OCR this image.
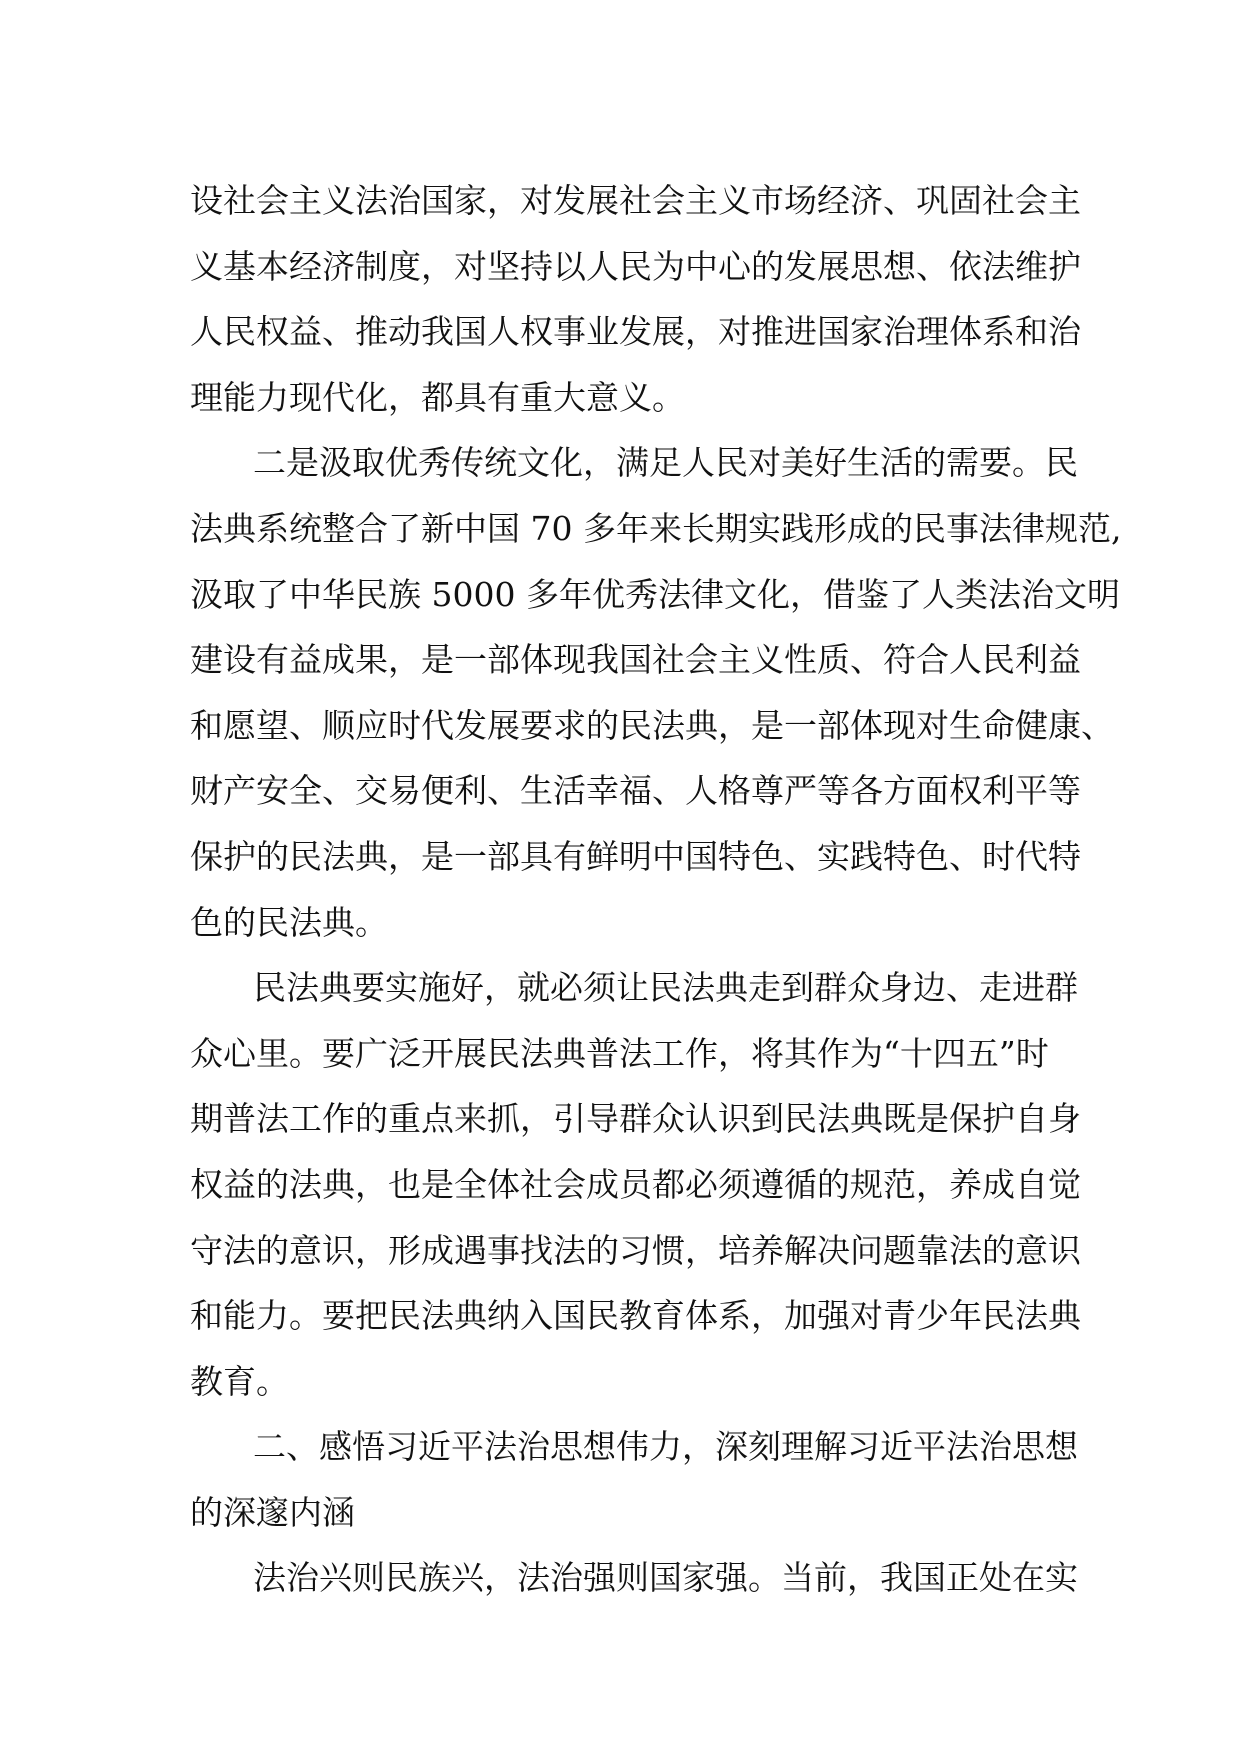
设社会主义法治国家，对发展社会主义市场经济、巩固社会主
义基本经济制度，对坚持以人民为中心的发展思想、依法维护
人民权益、推动我国人权事业发展，对推进国家治理体系和治
理能力现代化，都具有重大意义。
二是汲取优秀传统文化，满足人民对美好生活的需要。民
法典系统整合了新中国 70 多年来长期实践形成的民事法律规范,
汲取了中华民族 5000 多年优秀法律文化，借鉴了人类法治文明
建设有益成果，是一部体现我国社会主义性质、符合人民利益
和愿望、顺应时代发展要求的民法典，是一部体现对生命健康、
财产安全、交易便利、生活幸福、人格尊严等各方面权利平等
保护的民法典，是一部具有鲜明中国特色、实践特色、时代特
色的民法典。
民法典要实施好，就必须让民法典走到群众身边、走进群
众心里。要广泛开展民法典普法工作，将其作为“十四五”时
期普法工作的重点来抓，引导群众认识到民法典既是保护自身
权益的法典，也是全体社会成员都必须遵循的规范，养成自觉
守法的意识，形成遇事找法的习惯，培养解决问题靠法的意识
和能力。要把民法典纳入国民教育体系，加强对青少年民法典
教育。
二、感悟习近平法治思想伟力，深刻理解习近平法治思想
的深邃内涵
法治兴则民族兴，法治强则国家强。当前，我国正处在实
